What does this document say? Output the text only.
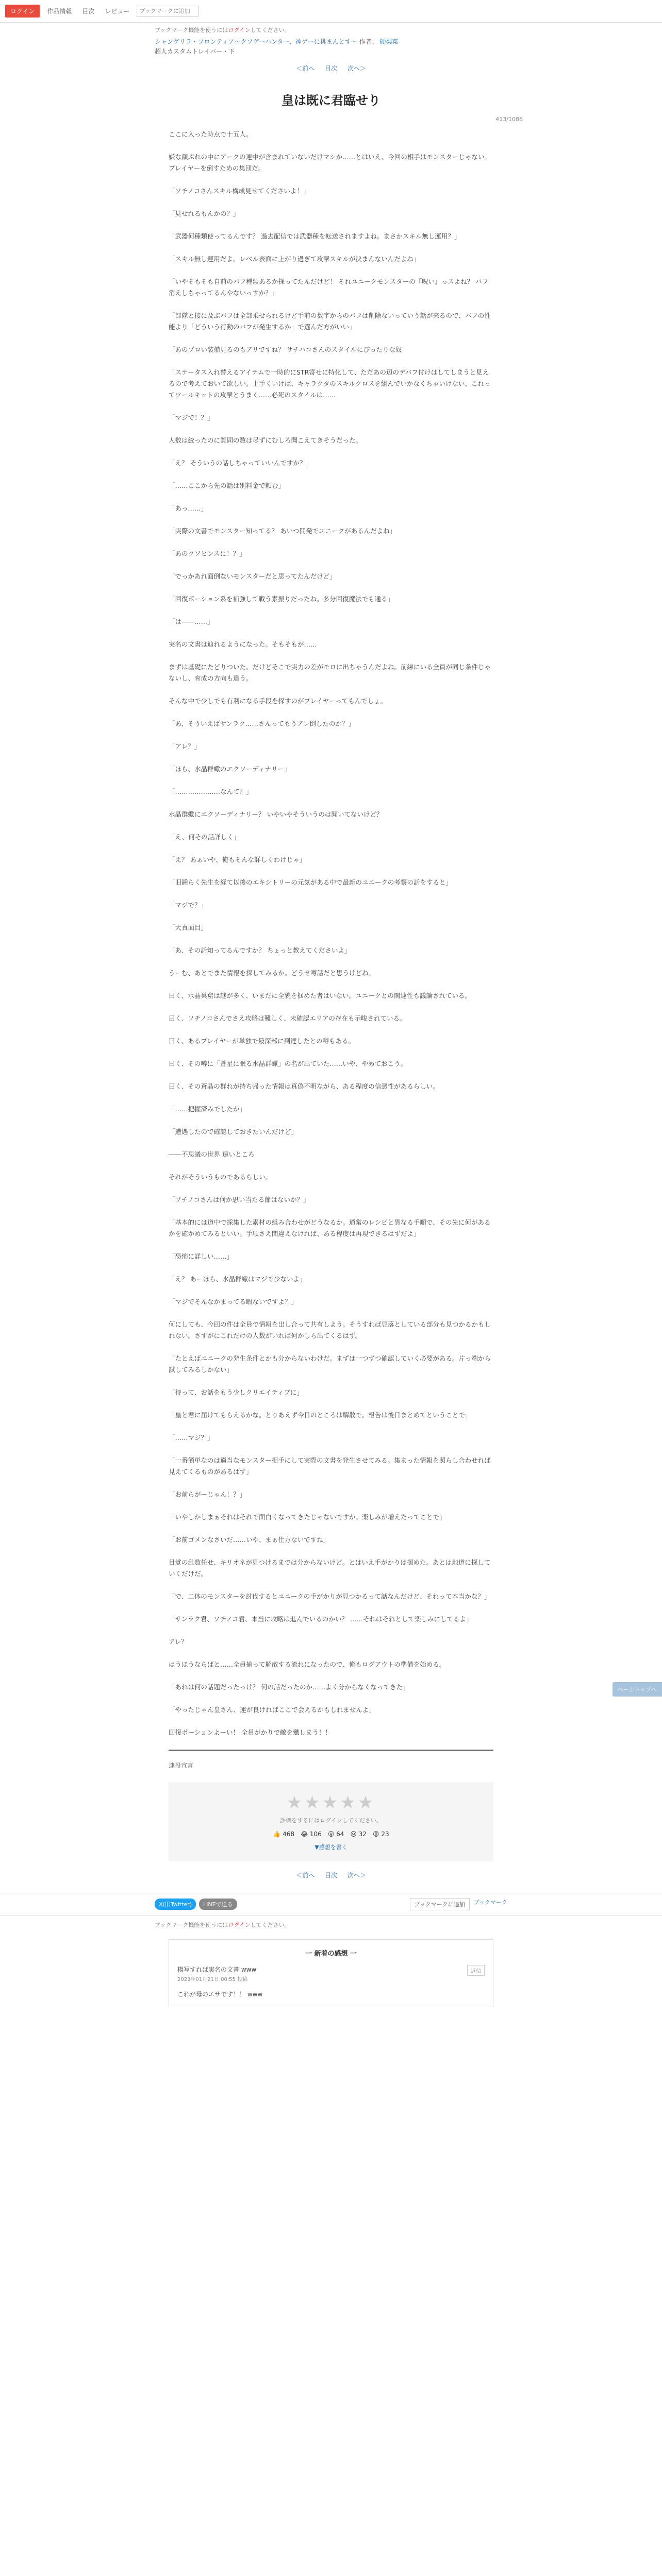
ログイン	作品情報	目次	レビュー
ブックマークに追加
ブックマーク機能を使うにはログインしてください。
シャングリラ・フロンティア〜クソゲーハンター、神ゲーに挑まんとす〜 作者： 硬梨菜
超人カスタムトレイバー・下
＜前へ 目次 次へ＞
413/1086
皇は既に君臨せり

ここに入った時点で十五人。

嫌な顔ぶれの中にアークの連中が含まれていないだけマシか……とはいえ、今回の相手はモンスターじゃない。プレイヤーを倒すための集団だ。

「ソチノコさんスキル構成見せてくださいよ！」

「見せれるもんかの？」

「武器何種類使ってるんです？ 過去配信では武器種を転送されますよね。まさかスキル無し運用？」

「スキル無し運用だよ。レベル表面に上がり過ぎて攻撃スキルが決まんないんだよね」

「いやそもそも自前のバフ種類あるか探ってたんだけど！ それユニークモンスターの『呪い』っスよね？ バフ消えしちゃってるんやないっすか？」

「部隊と接に及ぶバフは全部乗せられるけど手前の数字からのバフは削除ないっていう話が来るので、バフの性能より「どういう行動のバフが発生するか」で選んだ方がいい」

「あのプロい装備見るのもアリですね？ サチハコさんのスタイルにぴったりな奴

「ステータス入れ替えるアイテムで一時的にSTR寄せに特化して、ただあの辺のデバフ付けはしてしまうと見えるので考えておいて欲しい。上手くいけば、キャラクタのスキルクロスを組んでいかなくちゃいけない、これってツールキットの攻撃とうまく……必死のスタイルは……

「マジで！？」

人数は絞ったのに質問の数は尽ずにむしろ聞こえてきそうだった。

「え？ そういうの話しちゃっていいんですか？」

「……ここから先の話は別料金で頼む」

「あっ……」

「実際の文書でモンスター知ってる？ あいつ開発でユニークがあるんだよね」

「あのクソヒンスに！？」

「でっかあれ面倒ないモンスターだと思ってたんだけど」

「回復ポーション系を補強して戦う素振りだったね。多分回復魔法でも通る」

「は――……」

実名の文書は辿れるようになった。そもそもが……

まずは基礎にたどりついた。だけどそこで実力の差がモロに出ちゃうんだよね。前線にいる全員が同じ条件じゃないし、育成の方向も違う。

そんな中で少しでも有利になる手段を探すのがプレイヤーってもんでしょ。

「あ、そういえばサンラク……さんってもうアレ倒したのか？」

「アレ？」

「ほら、水晶群蠍のエクソーディナリー」

「…………………なんて？」

水晶群蠍にエクソーディナリー？ いやいやそういうのは聞いてないけど？

「え、何その話詳しく」

「え？ あぁいや、俺もそんな詳しくわけじゃ」

「旧鍾らく先生を経て以後のエキシトリーの元気がある中で最新のユニークの考察の話をすると」

「マジで？」

「大真面目」

「あ、その話知ってるんですか？ ちょっと教えてくださいよ」

うーむ、あとでまた情報を探してみるか。どうせ噂話だと思うけどね。

曰く、水晶巣窟は謎が多く、いまだに全貌を掴めた者はいない。ユニークとの関連性も議論されている。

曰く、ソチノコさんでさえ攻略は難しく、未確認エリアの存在も示唆されている。

曰く、あるプレイヤーが単独で最深部に到達したとの噂もある。

曰く、その噂に「蒼星に眠る水晶群蠍」の名が出ていた……いや、やめておこう。

曰く、その蒼晶の群れが持ち帰った情報は真偽不明ながら、ある程度の信憑性があるらしい。

「……把握済みでしたか」

「遭遇したので確認しておきたいんだけど」

――不思議の世界 遠いところ

それがそういうものであるらしい。

「ソチノコさんは何か思い当たる節はないか？」

「基本的には道中で採集した素材の組み合わせがどうなるか。通常のレシピと異なる手順で、その先に何があるかを確かめてみるといい。手順さえ間違えなければ、ある程度は再現できるはずだよ」

「恐怖に詳しい……」

「え？ あーほら、水晶群蠍はマジで少ないよ」

「マジでそんなかまってる暇ないですよ？」

何にしても、今回の件は全員で情報を出し合って共有しよう。そうすれば見落としている部分も見つかるかもしれない。さすがにこれだけの人数がいれば何かしら出てくるはず。

「たとえばユニークの発生条件とかも分からないわけだ。まずは一つずつ確認していく必要がある。片っ端から試してみるしかない」

「待って、お話をもう少しクリエイティブに」

「皇と君に届けてもらえるかな。とりあえず今日のところは解散で。報告は後日まとめてということで」

「……マジ？」

「一番簡単なのは適当なモンスター相手にして実際の文書を発生させてみる。集まった情報を照らし合わせれば見えてくるものがあるはず」

「お前らがーじゃん！？」

「いやしかしまぁそれはそれで面白くなってきたじゃないですか。楽しみが増えたってことで」

「お前ゴメンなさいだ……いや、まぁ仕方ないですね」

目覚の乱数任せ、キリオネが見つけるまでは分からないけど。とはいえ手がかりは掴めた。あとは地道に探していくだけだ。

「で、二体のモンスターを討伐するとユニークの手がかりが見つかるって話なんだけど、それって本当かな？」

「サンラク君、ソチノコ君、本当に攻略は進んでいるのかい？ ……それはそれとして楽しみにしてるよ」

アレ？

はうほうならばと……全員揃って解散する流れになったので、俺もログアウトの準備を始める。

「あれは何の話題だったっけ？ 何の話だったのか……よく分からなくなってきた」

「やったじゃん皇さん、運が良ければここで会えるかもしれませんよ」

回復ポーションよーい！ 全員がかりで敵を殲しまう！！

連投宣言
★★★★★
評価をするにはログインしてください。
👍 468 😂 106 😮 64 😢 32 😡 23
▼感想を書く
＜前へ 目次 次へ＞
X(旧Twitter)	LINEで送る	ブックマークに追加	ブックマーク
ブックマーク機能を使うにはログインしてください。
一 新着の感想 一
返信
模写すれば実名の文書 www
2023年01月21日 00:55 投稿
これが母のエサです！！ www
ページトップへ
